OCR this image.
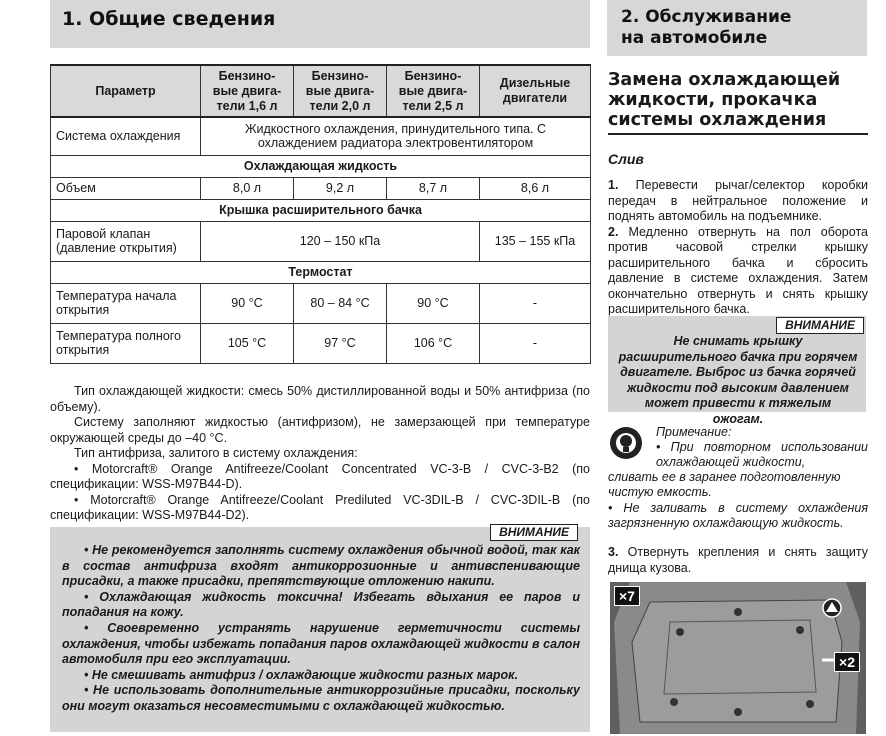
1. Общие сведения	2. Обслуживание
на автомобиле
Параметр	Бензино-вые двига-тели 1,6 л	Бензино-вые двига-тели 2,0 л	Бензино-вые двига-тели 2,5 л	Дизельные двигатели
Система охлаждения	Жидкостного охлаждения, принудительного типа. С охлаждением радиатора электровентилятором			
Охлаждающая жидкость				
Объем	8,0 л	9,2 л	8,7 л	8,6 л
Крышка расширительного бачка				
Паровой клапан (давление открытия)	120 – 150 кПа			135 – 155 кПа
Термостат				
Температура начала открытия	90 °C	80 – 84 °C	90 °C	-
Температура полного открытия	105 °C	97 °C	106 °C	-

Тип охлаждающей жидкости: смесь 50% дистиллированной воды и 50% антифриза (по объему).

Систему заполняют жидкостью (антифризом), не замерзающей при температуре окружающей среды до –40 °C.

Тип антифриза, залитого в систему охлаждения:

• Motorcraft® Orange Antifreeze/Coolant Concentrated VC-3-B / CVC-3-B2 (по спецификации: WSS-M97B44-D).

• Motorcraft® Orange Antifreeze/Coolant Prediluted VC-3DIL-B / CVC-3DIL-B (по спецификации: WSS-M97B44-D2).

ВНИМАНИЕ

• Не рекомендуется заполнять систему охлаждения обычной водой, так как в состав антифриза входят антикоррозионные и антивспенивающие присадки, а также присадки, препятствующие отложению накипи.

• Охлаждающая жидкость токсична! Избегать вдыхания ее паров и попадания на кожу.

• Своевременно устранять нарушение герметичности системы охлаждения, чтобы избежать попадания паров охлаждающей жидкости в салон автомобиля при его эксплуатации.

• Не смешивать антифриз / охлаждающие жидкости разных марок.

• Не использовать дополнительные антикоррозийные присадки, поскольку они могут оказаться несовместимыми с охлаждающей жидкостью.

Замена охлаждающей
жидкости, прокачка
системы охлаждения
Слив

1. Перевести рычаг/селектор коробки передач в нейтральное положение и поднять автомобиль на подъемнике.

2. Медленно отвернуть на пол оборота против часовой стрелки крышку расширительного бачка и сбросить давление в системе охлаждения. Затем окончательно отвернуть и снять крышку расширительного бачка.

ВНИМАНИЕ
Не снимать крышку расширительного бачка при горячем двигателе. Выброс из бачка горячей жидкости под высоким давлением может привести к тяжелым ожогам.
Примечание:
• При повторном использовании охлаждающей жидкости,
сливать ее в заранее подготовленную чистую емкость.
• Не заливать в систему охлаждения загрязненную охлаждающую жидкость.

3. Отвернуть крепления и снять защиту днища кузова.

×7
×2
